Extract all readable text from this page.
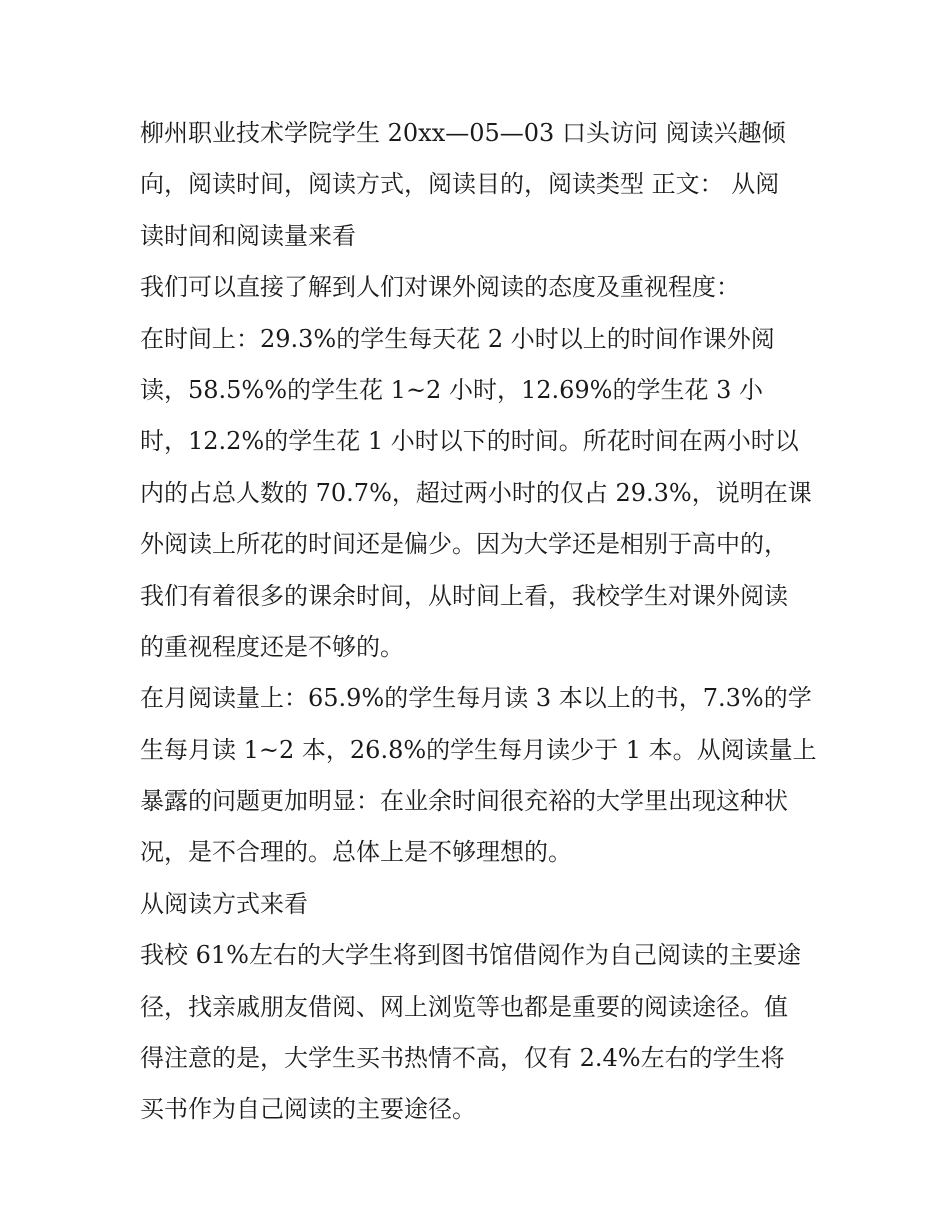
柳州职业技术学院学生 20xx—05—03 口头访问 阅读兴趣倾
向，阅读时间，阅读方式，阅读目的，阅读类型 正文： 从阅
读时间和阅读量来看
我们可以直接了解到人们对课外阅读的态度及重视程度：
在时间上：29.3%的学生每天花 2 小时以上的时间作课外阅
读，58.5%%的学生花 1~2 小时，12.69%的学生花 3 小
时，12.2%的学生花 1 小时以下的时间。所花时间在两小时以
内的占总人数的 70.7%，超过两小时的仅占 29.3%，说明在课
外阅读上所花的时间还是偏少。因为大学还是相别于高中的，
我们有着很多的课余时间，从时间上看，我校学生对课外阅读
的重视程度还是不够的。
在月阅读量上：65.9%的学生每月读 3 本以上的书，7.3%的学
生每月读 1~2 本，26.8%的学生每月读少于 1 本。从阅读量上
暴露的问题更加明显：在业余时间很充裕的大学里出现这种状
况，是不合理的。总体上是不够理想的。
从阅读方式来看
我校 61%左右的大学生将到图书馆借阅作为自己阅读的主要途
径，找亲戚朋友借阅、网上浏览等也都是重要的阅读途径。值
得注意的是，大学生买书热情不高，仅有 2.4%左右的学生将
买书作为自己阅读的主要途径。
